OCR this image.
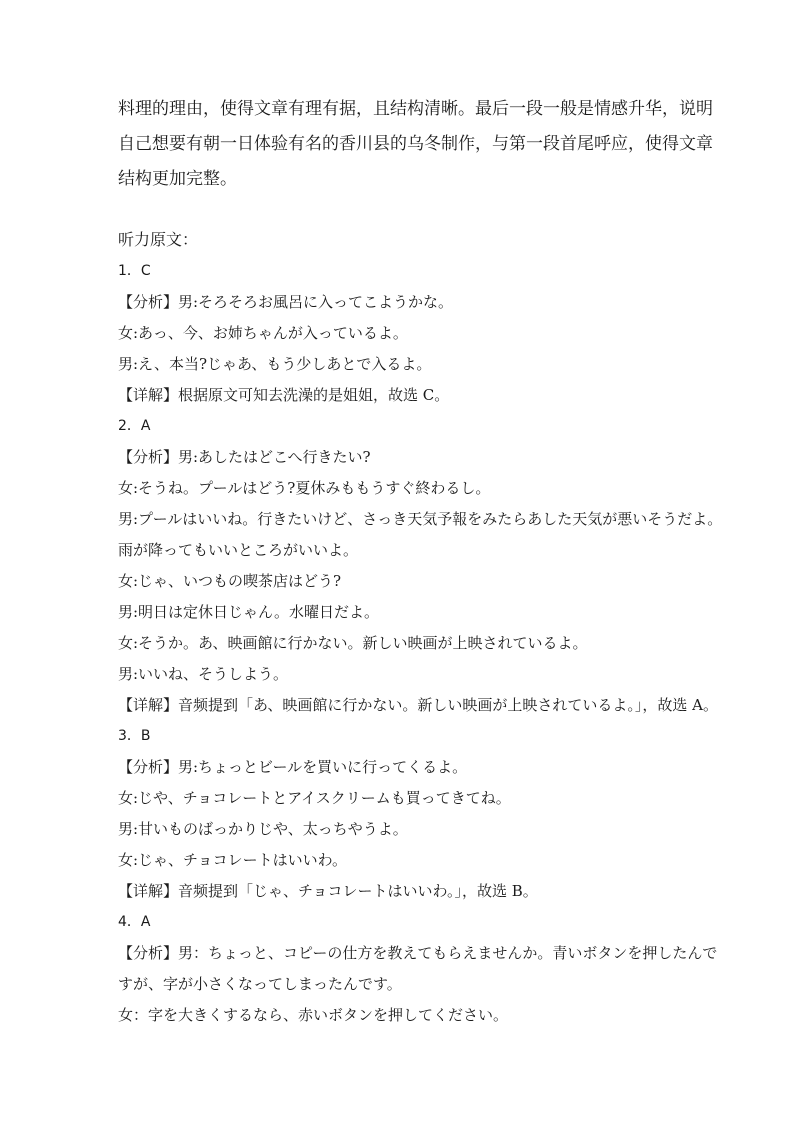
料理的理由，使得文章有理有据，且结构清晰。最后一段一般是情感升华，说明

自己想要有朝一日体验有名的香川县的乌冬制作，与第一段首尾呼应，使得文章

结构更加完整。

听力原文：

1．C

【分析】男:そろそろお風呂に入ってこようかな。

女:あっ、今、お姉ちゃんが入っているよ。

男:え、本当?じゃあ、もう少しあとで入るよ。

【详解】根据原文可知去洗澡的是姐姐，故选 C。

2．A

【分析】男:あしたはどこへ行きたい?

女:そうね。プールはどう?夏休みももうすぐ終わるし。

男:プールはいいね。行きたいけど、さっき天気予報をみたらあした天気が悪いそうだよ。

雨が降ってもいいところがいいよ。

女:じゃ、いつもの喫茶店はどう?

男:明日は定休日じゃん。水曜日だよ。

女:そうか。あ、映画館に行かない。新しい映画が上映されているよ。

男:いいね、そうしよう。

【详解】音频提到「あ、映画館に行かない。新しい映画が上映されているよ。」，故选 A。

3．B

【分析】男:ちょっとビールを買いに行ってくるよ。

女:じや、チョコレートとアイスクリームも買ってきてね。

男:甘いものばっかりじや、太っちやうよ。

女:じゃ、チョコレートはいいわ。

【详解】音频提到「じゃ、チョコレートはいいわ。」，故选 B。

4．A

【分析】男：ちょっと、コピーの仕方を教えてもらえませんか。青いボタンを押したんで

すが、字が小さくなってしまったんです。

女：字を大きくするなら、赤いボタンを押してください。
